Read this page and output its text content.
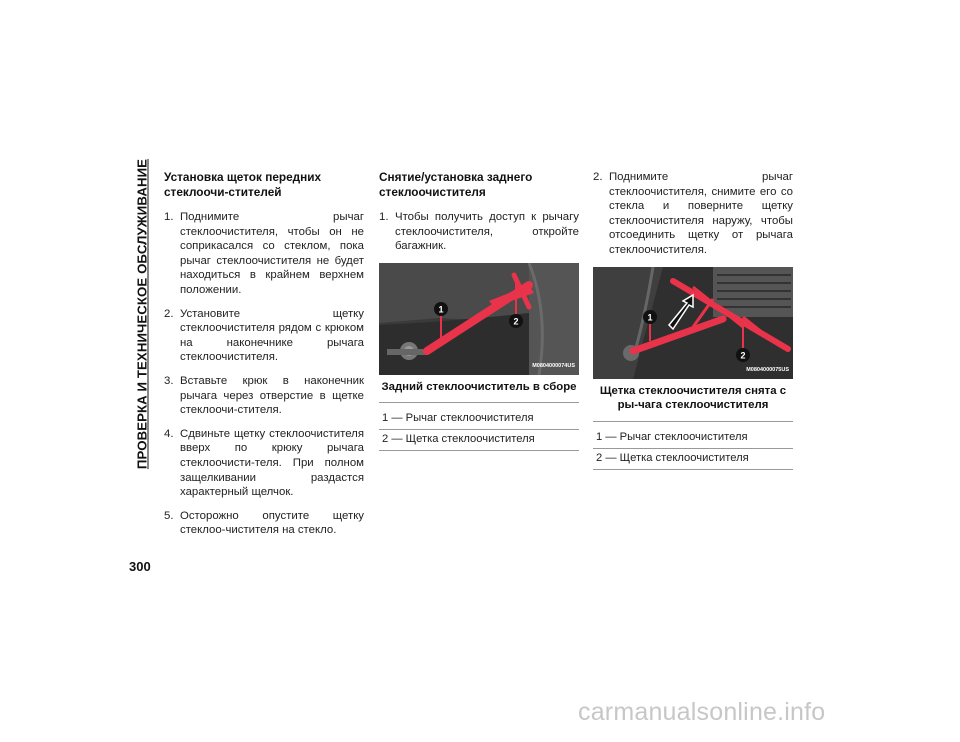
ПРОВЕРКА И ТЕХНИЧЕСКОЕ ОБСЛУЖИВАНИЕ
300
Установка щеток передних стеклоочи-стителей
1. Поднимите рычаг стеклоочистителя, чтобы он не соприкасался со стеклом, пока рычаг стеклоочистителя не будет находиться в крайнем верхнем положении.
2. Установите щетку стеклоочистителя рядом с крюком на наконечнике рычага стеклоочистителя.
3. Вставьте крюк в наконечник рычага через отверстие в щетке стеклоочи-стителя.
4. Сдвиньте щетку стеклоочистителя вверх по крюку рычага стеклоочисти-теля. При полном защелкивании раздастся характерный щелчок.
5. Осторожно опустите щетку стеклоо-чистителя на стекло.
Снятие/установка заднего стеклоочистителя
1. Чтобы получить доступ к рычагу стеклоочистителя, откройте багажник.
1
2
M0804000074US
Задний стеклоочиститель в сборе
1 — Рычаг стеклоочистителя
2 — Щетка стеклоочистителя
2. Поднимите рычаг стеклоочистителя, снимите его со стекла и поверните щетку стеклоочистителя наружу, чтобы отсоединить щетку от рычага стеклоочистителя.
1
2
M0804000075US
Щетка стеклоочистителя снята с ры-чага стеклоочистителя
1 — Рычаг стеклоочистителя
2 — Щетка стеклоочистителя
carmanualsonline.info
